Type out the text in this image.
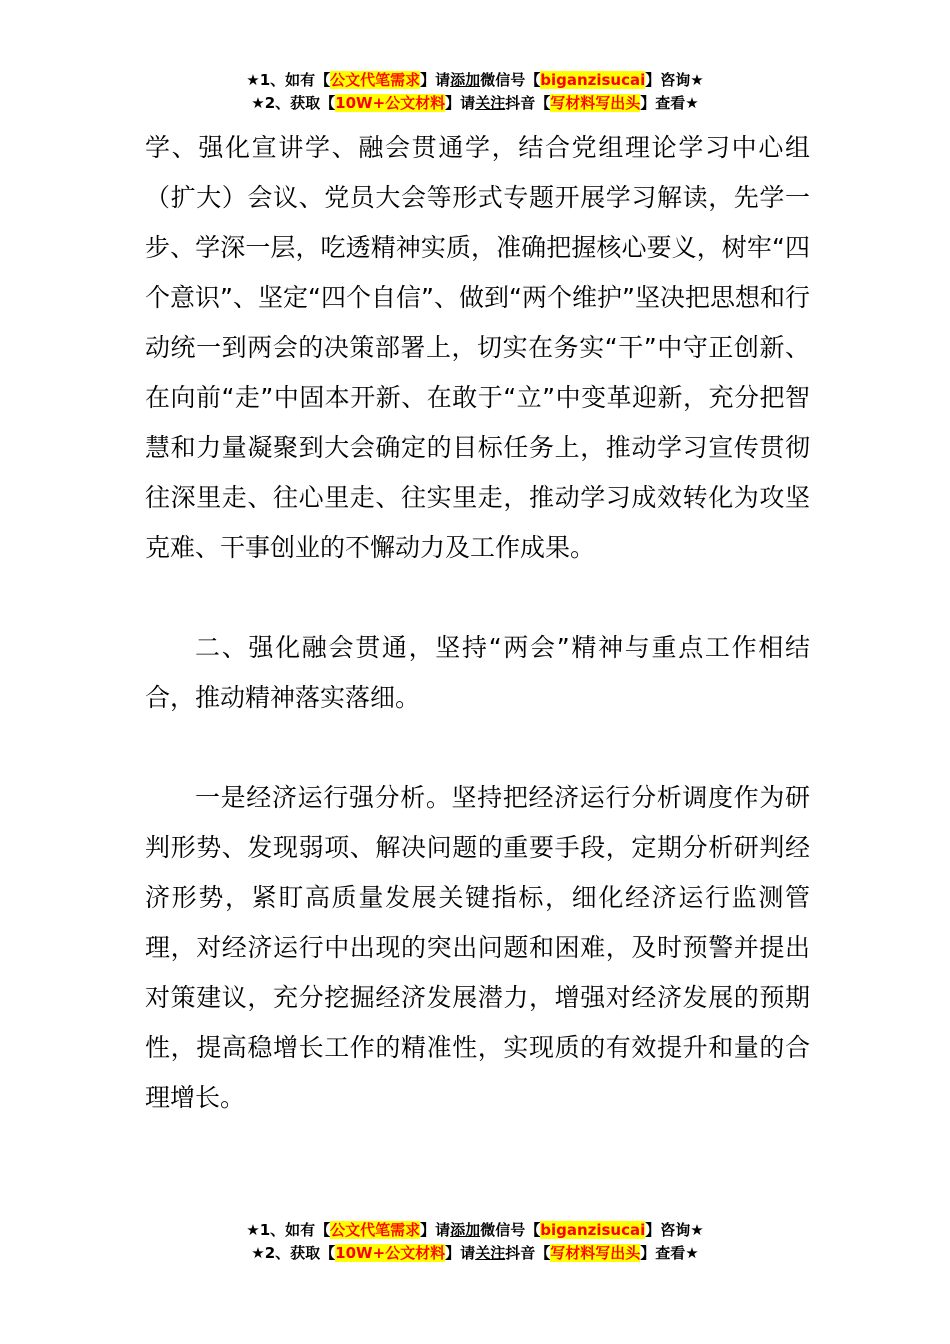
★1、如有【公文代笔需求】请添加微信号【biganzisucai】咨询★
★2、获取【10W+公文材料】请关注抖音【写材料写出头】查看★

学、强化宣讲学、融会贯通学，结合党组理论学习中心组（扩大）会议、党员大会等形式专题开展学习解读，先学一步、学深一层，吃透精神实质，准确把握核心要义，树牢“四个意识”、坚定“四个自信”、做到“两个维护”坚决把思想和行动统一到两会的决策部署上，切实在务实“干”中守正创新、在向前“走”中固本开新、在敢于“立”中变革迎新，充分把智慧和力量凝聚到大会确定的目标任务上，推动学习宣传贯彻往深里走、往心里走、往实里走，推动学习成效转化为攻坚克难、干事创业的不懈动力及工作成果。

二、强化融会贯通，坚持“两会”精神与重点工作相结合，推动精神落实落细。

一是经济运行强分析。坚持把经济运行分析调度作为研判形势、发现弱项、解决问题的重要手段，定期分析研判经济形势，紧盯高质量发展关键指标，细化经济运行监测管理，对经济运行中出现的突出问题和困难，及时预警并提出对策建议，充分挖掘经济发展潜力，增强对经济发展的预期性，提高稳增长工作的精准性，实现质的有效提升和量的合理增长。

★1、如有【公文代笔需求】请添加微信号【biganzisucai】咨询★
★2、获取【10W+公文材料】请关注抖音【写材料写出头】查看★
